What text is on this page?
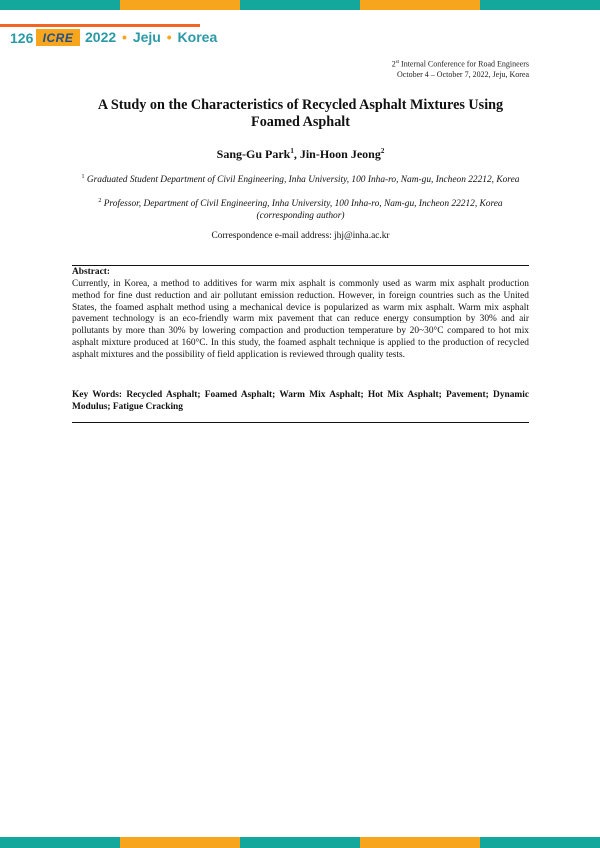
126 ICRE 2022 • Jeju • Korea
2st Internal Conference for Road Engineers
October 4 – October 7, 2022, Jeju, Korea
A Study on the Characteristics of Recycled Asphalt Mixtures Using Foamed Asphalt
Sang-Gu Park$^1$, Jin-Hoon Jeong$^2$
$^1$ Graduated Student Department of Civil Engineering, Inha University, 100 Inha-ro, Nam-gu, Incheon 22212, Korea
$^2$ Professor, Department of Civil Engineering, Inha University, 100 Inha-ro, Nam-gu, Incheon 22212, Korea (corresponding author)
Correspondence e-mail address: jhj@inha.ac.kr
Abstract:
Currently, in Korea, a method to additives for warm mix asphalt is commonly used as warm mix asphalt production method for fine dust reduction and air pollutant emission reduction. However, in foreign countries such as the United States, the foamed asphalt method using a mechanical device is popularized as warm mix asphalt. Warm mix asphalt pavement technology is an eco-friendly warm mix pavement that can reduce energy consumption by 30% and air pollutants by more than 30% by lowering compaction and production temperature by 20~30°C compared to hot mix asphalt mixture produced at 160°C. In this study, the foamed asphalt technique is applied to the production of recycled asphalt mixtures and the possibility of field application is reviewed through quality tests.
Key Words: Recycled Asphalt; Foamed Asphalt; Warm Mix Asphalt; Hot Mix Asphalt; Pavement; Dynamic Modulus; Fatigue Cracking
